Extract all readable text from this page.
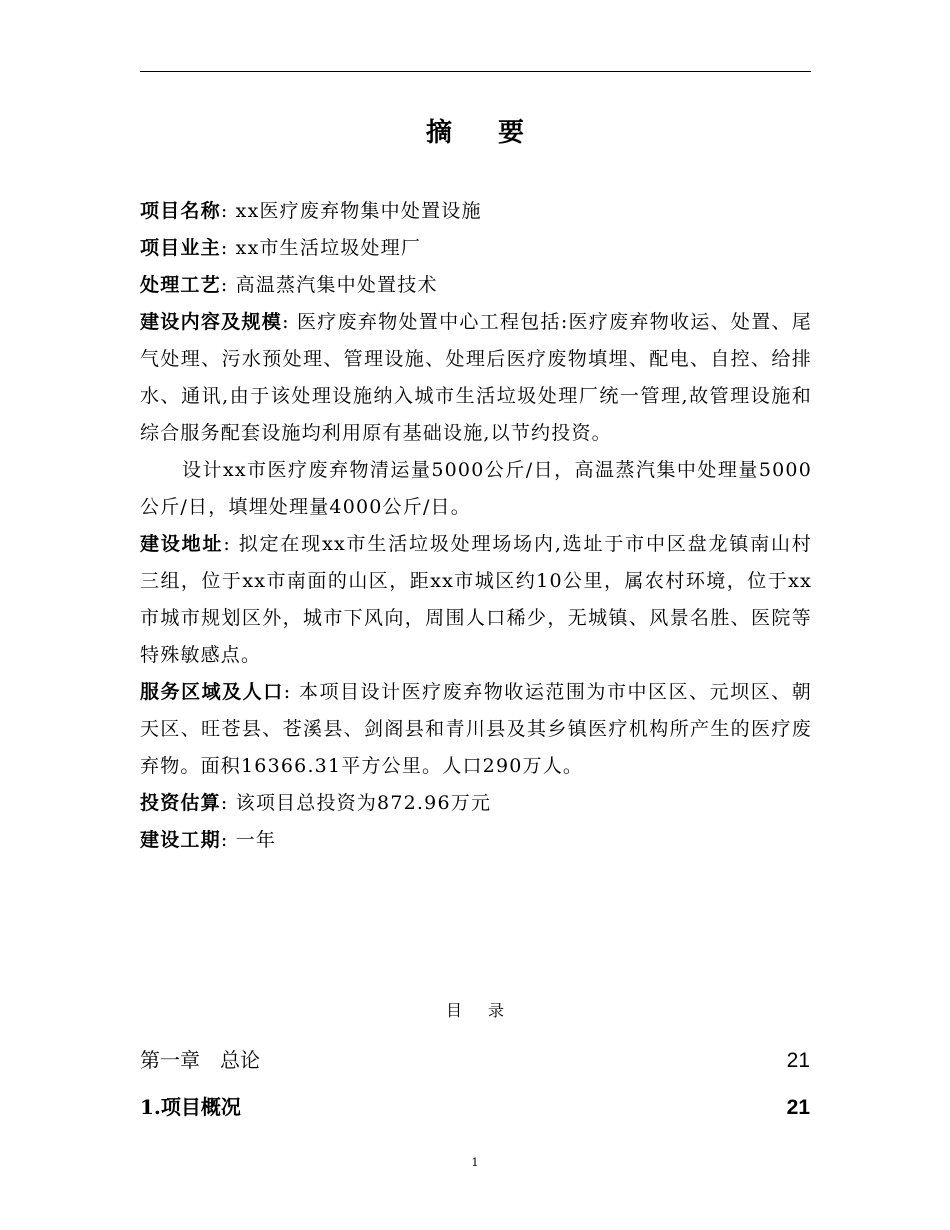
摘 要

项目名称: xx医疗废弃物集中处置设施

项目业主: xx市生活垃圾处理厂

处理工艺: 高温蒸汽集中处置技术

建设内容及规模: 医疗废弃物处置中心工程包括:医疗废弃物收运、处置、尾气处理、污水预处理、管理设施、处理后医疗废物填埋、配电、自控、给排水、通讯,由于该处理设施纳入城市生活垃圾处理厂统一管理,故管理设施和综合服务配套设施均利用原有基础设施,以节约投资。

设计xx市医疗废弃物清运量5000公斤/日，高温蒸汽集中处理量5000公斤/日，填埋处理量4000公斤/日。

建设地址: 拟定在现xx市生活垃圾处理场场内,选址于市中区盘龙镇南山村三组，位于xx市南面的山区，距xx市城区约10公里，属农村环境，位于xx市城市规划区外，城市下风向，周围人口稀少，无城镇、风景名胜、医院等特殊敏感点。

服务区域及人口: 本项目设计医疗废弃物收运范围为市中区区、元坝区、朝天区、旺苍县、苍溪县、剑阁县和青川县及其乡镇医疗机构所产生的医疗废弃物。面积16366.31平方公里。人口290万人。

投资估算: 该项目总投资为872.96万元

建设工期: 一年

目 录
第一章 总论	21
1.项目概况	21
1
